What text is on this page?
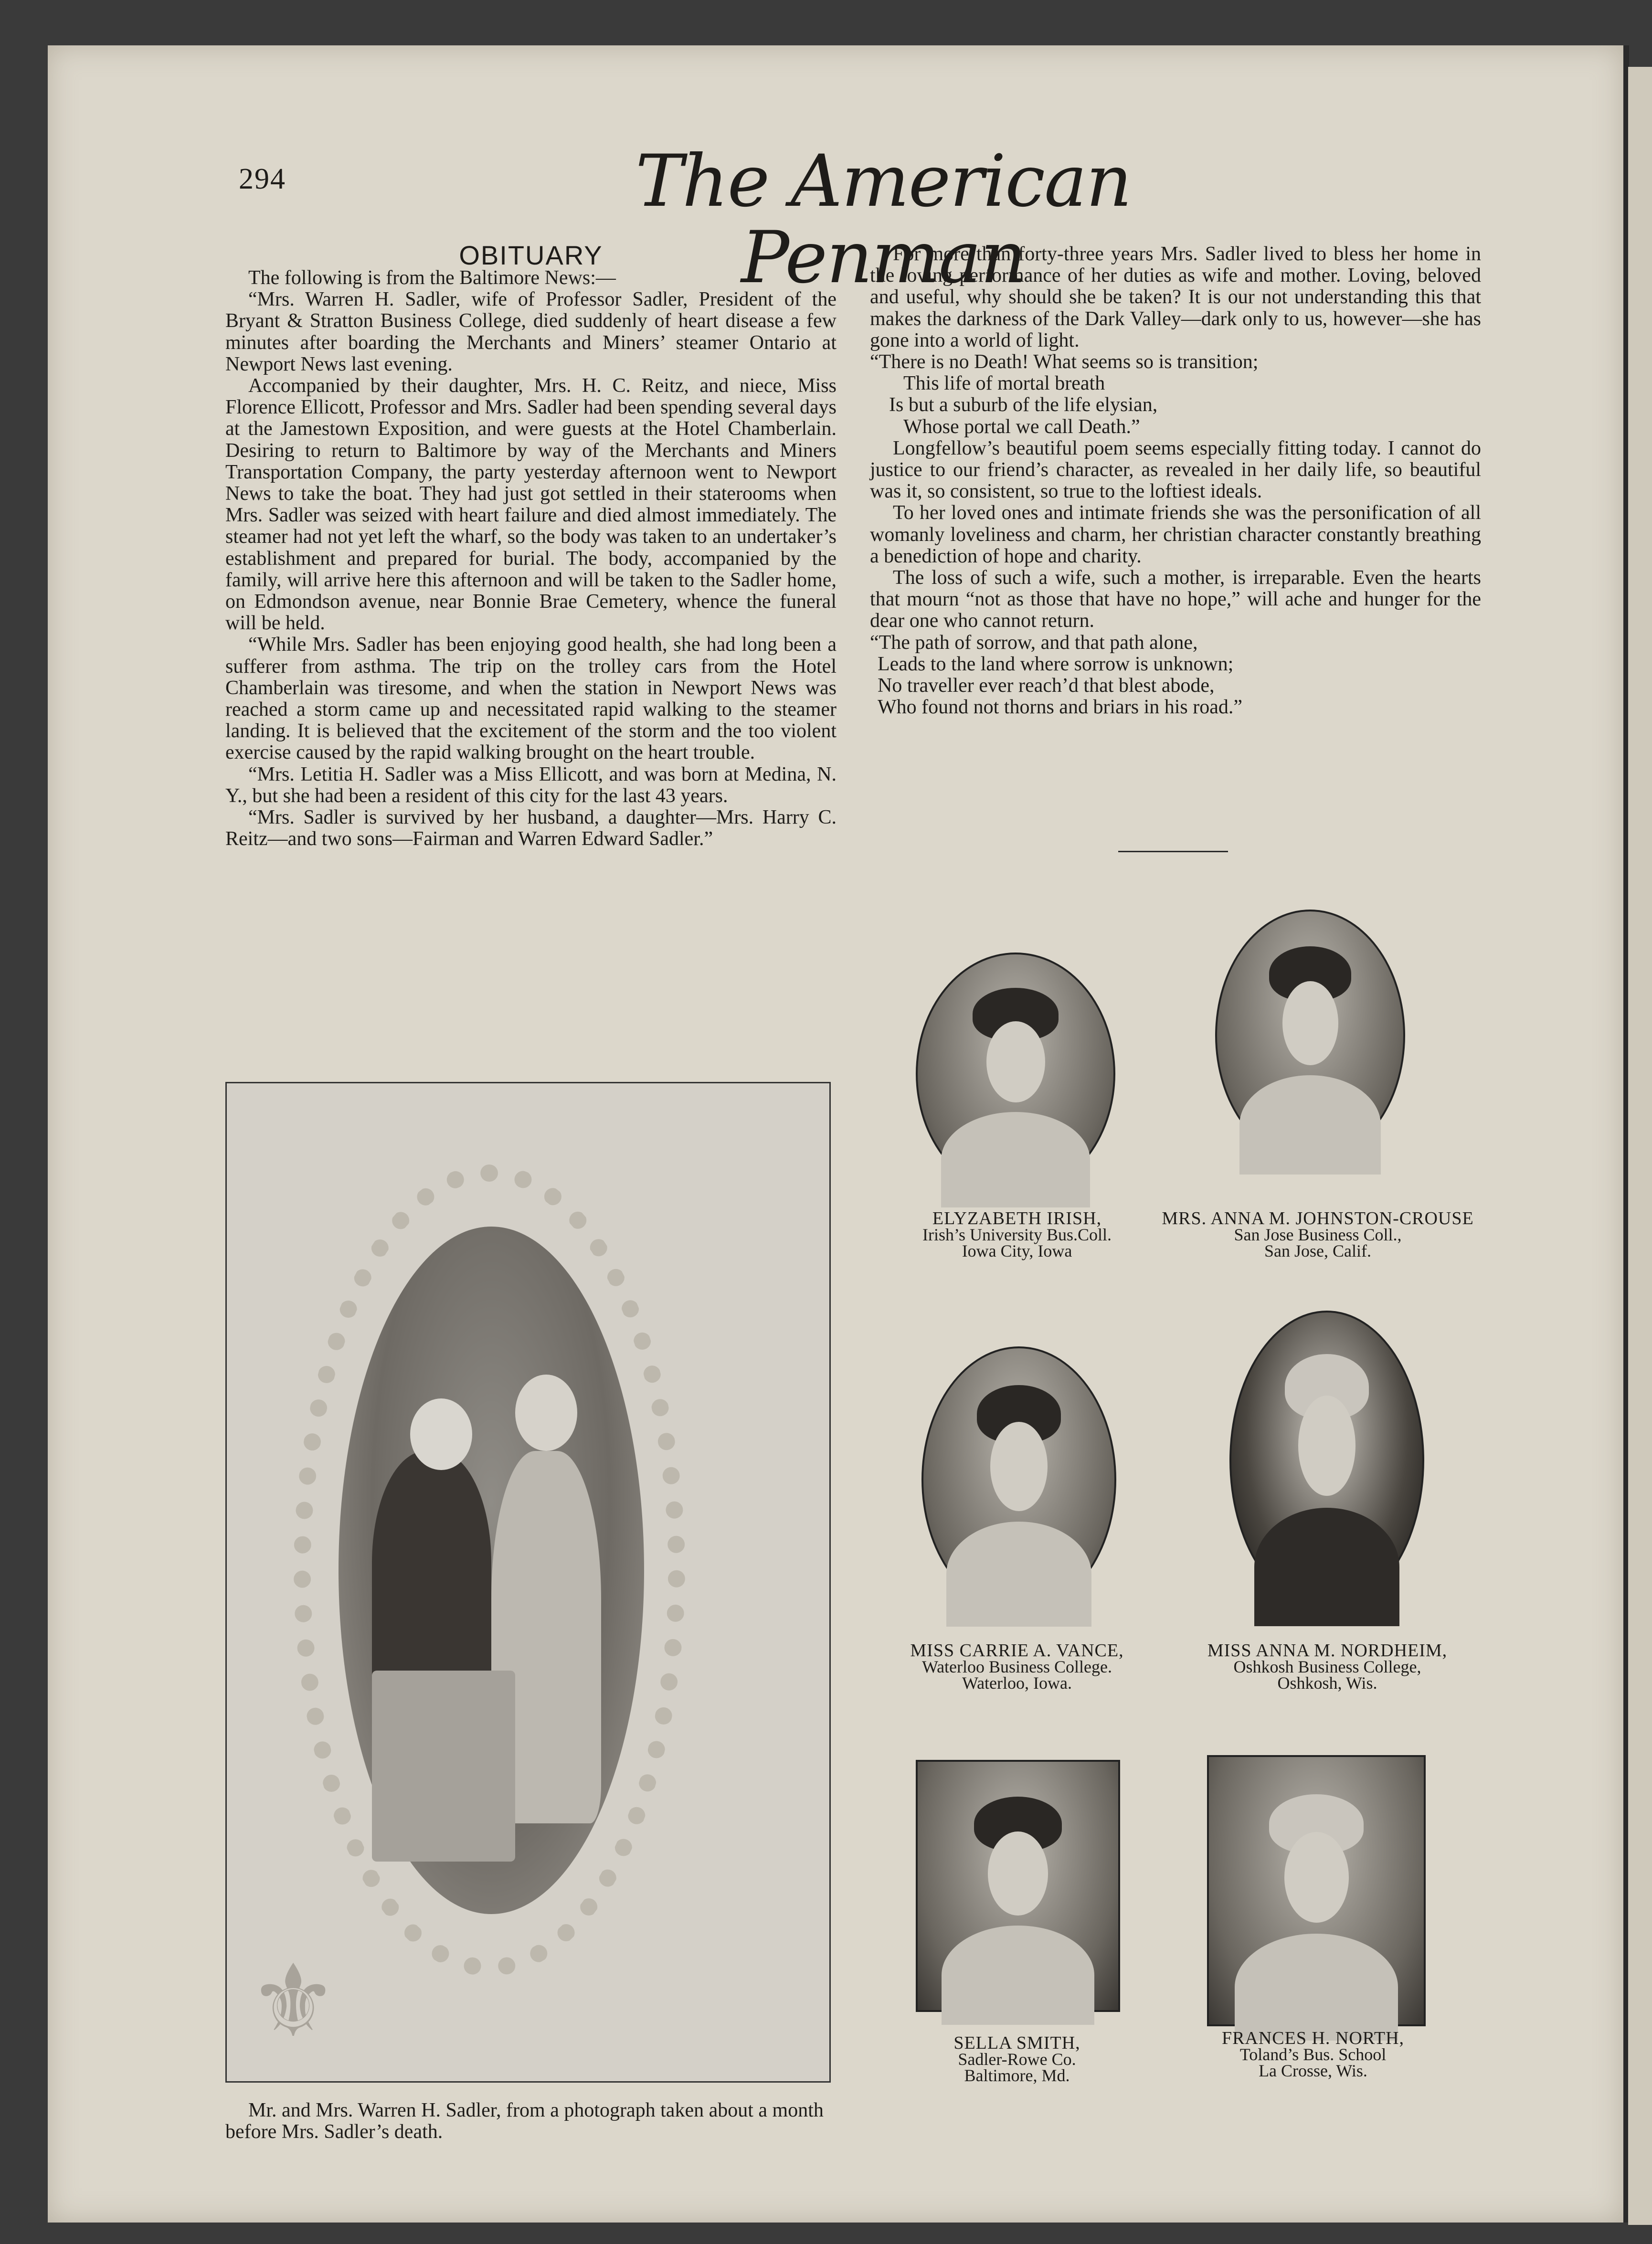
294	The American Penman
OBITUARY

The following is from the Baltimore News:—

“Mrs. Warren H. Sadler, wife of Professor Sadler, President of the Bryant & Stratton Business College, died suddenly of heart disease a few minutes after boarding the Merchants and Miners’ steamer Ontario at Newport News last evening.

Accompanied by their daughter, Mrs. H. C. Reitz, and niece, Miss Florence Ellicott, Professor and Mrs. Sadler had been spending several days at the Jamestown Exposition, and were guests at the Hotel Chamberlain. Desiring to return to Baltimore by way of the Merchants and Miners Transportation Company, the party yesterday afternoon went to Newport News to take the boat. They had just got settled in their staterooms when Mrs. Sadler was seized with heart failure and died almost immediately. The steamer had not yet left the wharf, so the body was taken to an undertaker’s establishment and prepared for burial. The body, accompanied by the family, will arrive here this afternoon and will be taken to the Sadler home, on Edmondson avenue, near Bonnie Brae Cemetery, whence the funeral will be held.

“While Mrs. Sadler has been enjoying good health, she had long been a sufferer from asthma. The trip on the trolley cars from the Hotel Chamberlain was tiresome, and when the station in Newport News was reached a storm came up and necessitated rapid walking to the steamer landing. It is believed that the excitement of the storm and the too violent exercise caused by the rapid walking brought on the heart trouble.

“Mrs. Letitia H. Sadler was a Miss Ellicott, and was born at Medina, N. Y., but she had been a resident of this city for the last 43 years.

“Mrs. Sadler is survived by her husband, a daughter—Mrs. Harry C. Reitz—and two sons—Fairman and Warren Edward Sadler.”

For more than forty-three years Mrs. Sadler lived to bless her home in the loving performance of her duties as wife and mother. Loving, beloved and useful, why should she be taken? It is our not understanding this that makes the darkness of the Dark Valley—dark only to us, however—she has gone into a world of light.

“There is no Death! What seems so is transition;
This life of mortal breath
Is but a suburb of the life elysian,
Whose portal we call Death.”

Longfellow’s beautiful poem seems especially fitting today. I cannot do justice to our friend’s character, as revealed in her daily life, so beautiful was it, so consistent, so true to the loftiest ideals.

To her loved ones and intimate friends she was the personification of all womanly loveliness and charm, her christian character constantly breathing a benediction of hope and charity.

The loss of such a wife, such a mother, is irreparable. Even the hearts that mourn “not as those that have no hope,” will ache and hunger for the dear one who cannot return.

“The path of sorrow, and that path alone,
Leads to the land where sorrow is unknown;
No traveller ever reach’d that blest abode,
Who found not thorns and briars in his road.”
⚜
Mr. and Mrs. Warren H. Sadler, from a photograph taken about a month before Mrs. Sadler’s death.
ELYZABETH IRISH,
Irish’s University Bus.Coll.
Iowa City, Iowa
MRS. ANNA M. JOHNSTON-CROUSE
San Jose Business Coll.,
San Jose, Calif.
MISS CARRIE A. VANCE,
Waterloo Business College.
Waterloo, Iowa.
MISS ANNA M. NORDHEIM,
Oshkosh Business College,
Oshkosh, Wis.
SELLA SMITH,
Sadler-Rowe Co.
Baltimore, Md.
FRANCES H. NORTH,
Toland’s Bus. School
La Crosse, Wis.
